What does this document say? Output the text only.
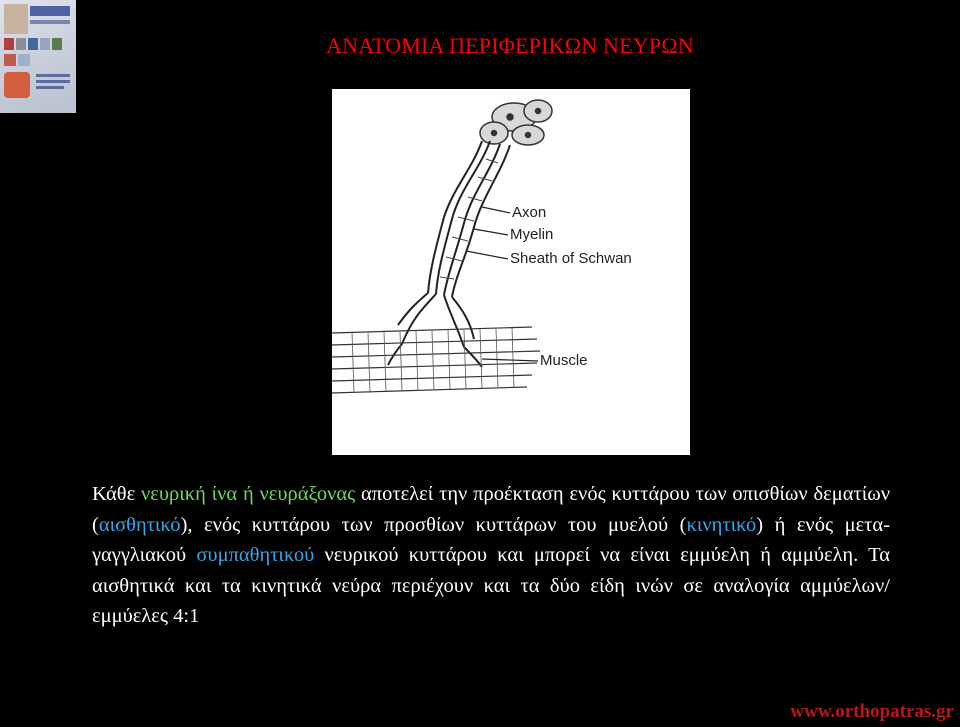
ΑΝΑΤΟΜΙΑ ΠΕΡΙΦΕΡΙΚΩΝ ΝΕΥΡΩΝ
Axon
Myelin
Sheath of Schwan
Muscle
Κάθε νευρική ίνα ή νευράξονας αποτελεί την προέκταση ενός κυττάρου των οπισθίων δεματίων (αισθητικό), ενός κυττάρου των προσθίων κυττάρων του μυελού (κινητικό) ή ενός μετα-γαγγλιακού συμπαθητικού νευρικού κυττάρου και μπορεί να είναι εμμύελη ή αμμύελη. Τα αισθητικά και τα κινητικά νεύρα περιέχουν και τα δύο είδη ινών σε αναλογία αμμύελων/εμμύελες 4:1
www.orthopatras.gr
